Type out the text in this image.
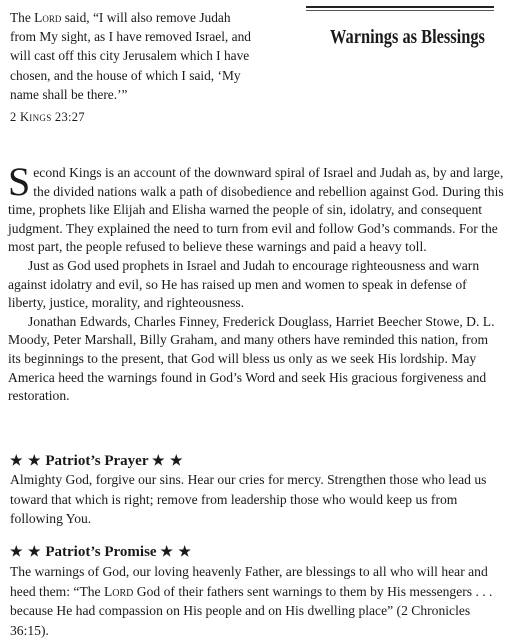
The Lord said, “I will also remove Judah
from My sight, as I have removed Israel, and
will cast off this city Jerusalem which I have
chosen, and the house of which I said, ‘My
name shall be there.’”
2 Kings 23:27
Warnings as Blessings

Second Kings is an account of the downward spiral of Israel and Judah as, by and large, the divided nations walk a path of disobedience and rebellion against God. During this time, prophets like Elijah and Elisha warned the people of sin, idolatry, and consequent judgment. They explained the need to turn from evil and follow God’s commands. For the most part, the people refused to believe these warnings and paid a heavy toll.

Just as God used prophets in Israel and Judah to encourage righteousness and warn against idolatry and evil, so He has raised up men and women to speak in defense of liberty, justice, morality, and righteousness.

Jonathan Edwards, Charles Finney, Frederick Douglass, Harriet Beecher Stowe, D. L. Moody, Peter Marshall, Billy Graham, and many others have reminded this nation, from its beginnings to the present, that God will bless us only as we seek His lordship. May America heed the warnings found in God’s Word and seek His gracious forgiveness and restoration.

★ ★ Patriot’s Prayer ★ ★
Almighty God, forgive our sins. Hear our cries for mercy. Strengthen those who lead us toward that which is right; remove from leadership those who would keep us from following You.
★ ★ Patriot’s Promise ★ ★
The warnings of God, our loving heavenly Father, are blessings to all who will hear and heed them: “The Lord God of their fathers sent warnings to them by His messengers . . . because He had compassion on His people and on His dwelling place” (2 Chronicles 36:15).
